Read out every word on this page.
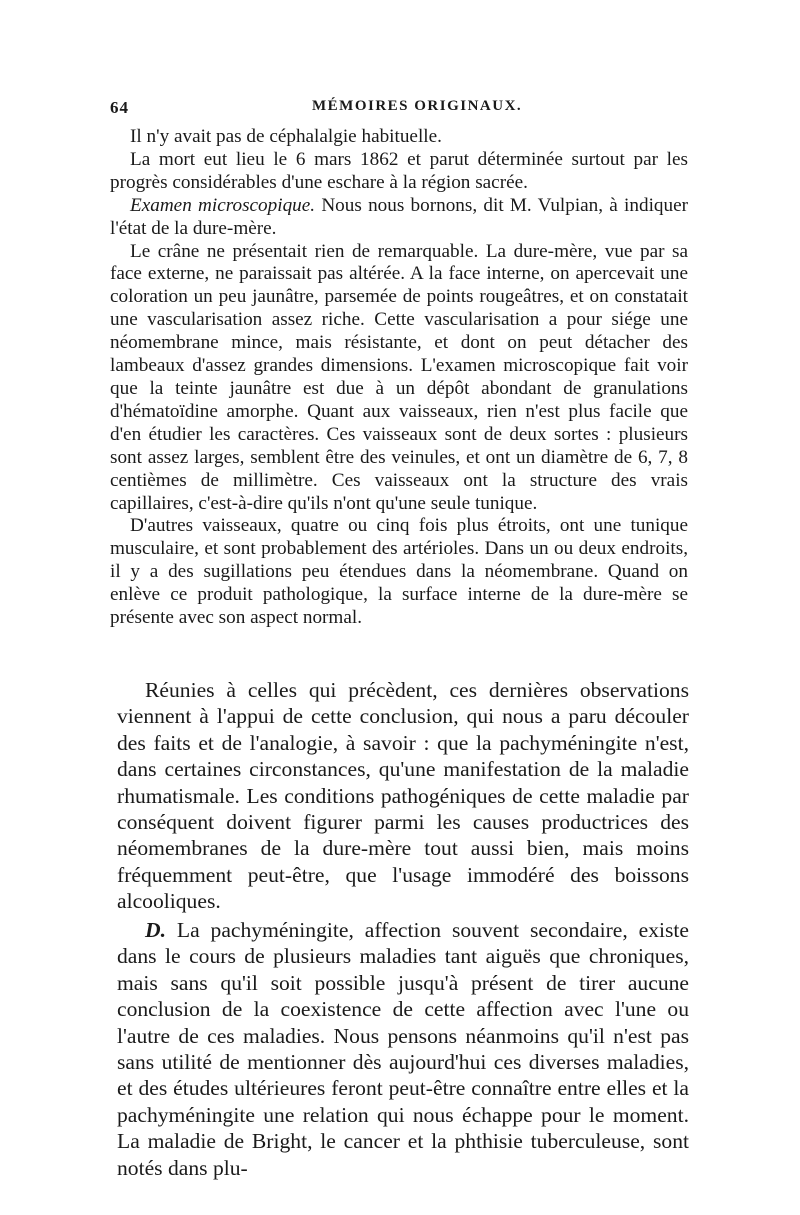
64	MÉMOIRES ORIGINAUX.

Il n'y avait pas de céphalalgie habituelle.

La mort eut lieu le 6 mars 1862 et parut déterminée surtout par les progrès considérables d'une eschare à la région sacrée.

Examen microscopique. Nous nous bornons, dit M. Vulpian, à indiquer l'état de la dure-mère.

Le crâne ne présentait rien de remarquable. La dure-mère, vue par sa face externe, ne paraissait pas altérée. A la face interne, on apercevait une coloration un peu jaunâtre, parsemée de points rougeâtres, et on constatait une vascularisation assez riche. Cette vascularisation a pour siége une néomembrane mince, mais résistante, et dont on peut détacher des lambeaux d'assez grandes dimensions. L'examen microscopique fait voir que la teinte jaunâtre est due à un dépôt abondant de granulations d'hématoïdine amorphe. Quant aux vaisseaux, rien n'est plus facile que d'en étudier les caractères. Ces vaisseaux sont de deux sortes : plusieurs sont assez larges, semblent être des veinules, et ont un diamètre de 6, 7, 8 centièmes de millimètre. Ces vaisseaux ont la structure des vrais capillaires, c'est-à-dire qu'ils n'ont qu'une seule tunique.

D'autres vaisseaux, quatre ou cinq fois plus étroits, ont une tunique musculaire, et sont probablement des artérioles. Dans un ou deux endroits, il y a des sugillations peu étendues dans la néomembrane. Quand on enlève ce produit pathologique, la surface interne de la dure-mère se présente avec son aspect normal.

Réunies à celles qui précèdent, ces dernières observations viennent à l'appui de cette conclusion, qui nous a paru découler des faits et de l'analogie, à savoir : que la pachyméningite n'est, dans certaines circonstances, qu'une manifestation de la maladie rhumatismale. Les conditions pathogéniques de cette maladie par conséquent doivent figurer parmi les causes productrices des néomembranes de la dure-mère tout aussi bien, mais moins fréquemment peut-être, que l'usage immodéré des boissons alcooliques.

D. La pachyméningite, affection souvent secondaire, existe dans le cours de plusieurs maladies tant aiguës que chroniques, mais sans qu'il soit possible jusqu'à présent de tirer aucune conclusion de la coexistence de cette affection avec l'une ou l'autre de ces maladies. Nous pensons néanmoins qu'il n'est pas sans utilité de mentionner dès aujourd'hui ces diverses maladies, et des études ultérieures feront peut-être connaître entre elles et la pachyméningite une relation qui nous échappe pour le moment. La maladie de Bright, le cancer et la phthisie tuberculeuse, sont notés dans plu-
